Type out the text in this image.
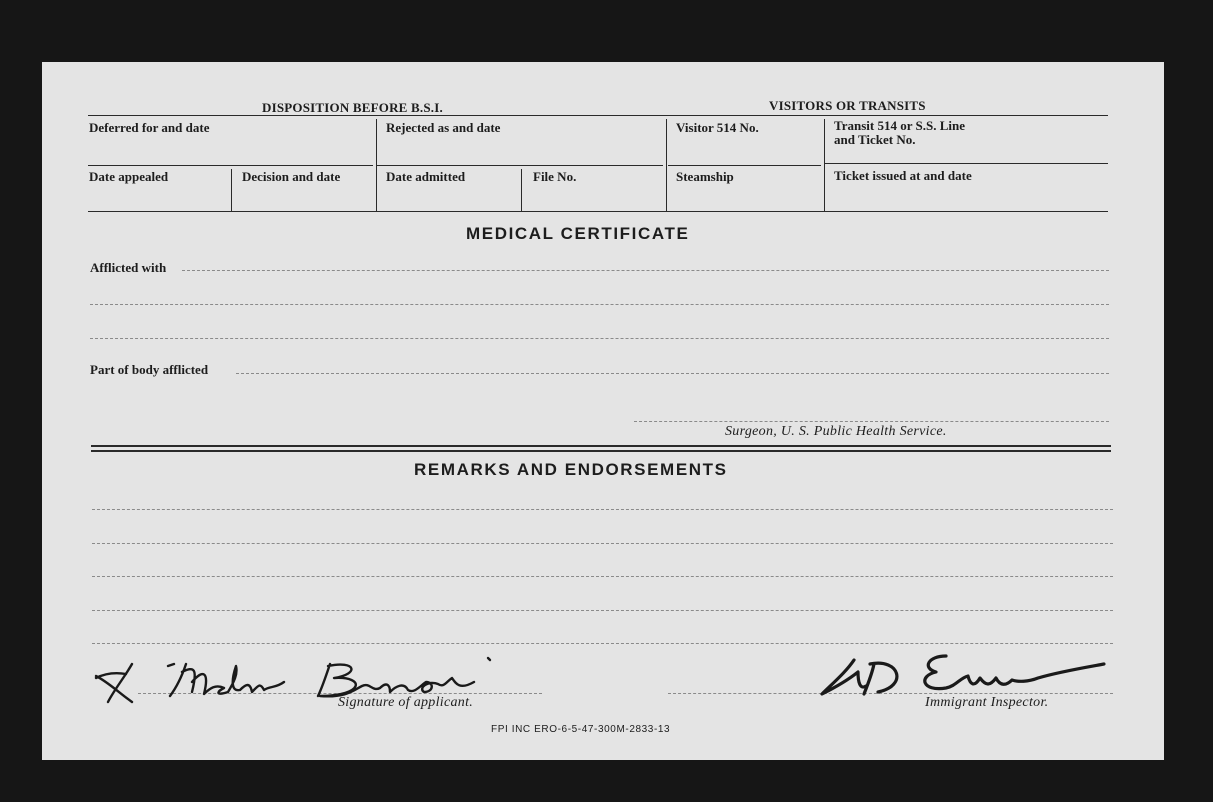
DISPOSITION BEFORE B.S.I.	VISITORS OR TRANSITS
Deferred for and date	Rejected as and date	Visitor 514 No.	Transit 514 or S.S. Line
and Ticket No.
Date appealed	Decision and date	Date admitted	File No.	Steamship	Ticket issued at and date
MEDICAL CERTIFICATE
Afflicted with
Part of body afflicted
Surgeon, U. S. Public Health Service.
REMARKS AND ENDORSEMENTS
Signature of applicant.	Immigrant Inspector.
FPI INC ERO-6-5-47-300M-2833-13
